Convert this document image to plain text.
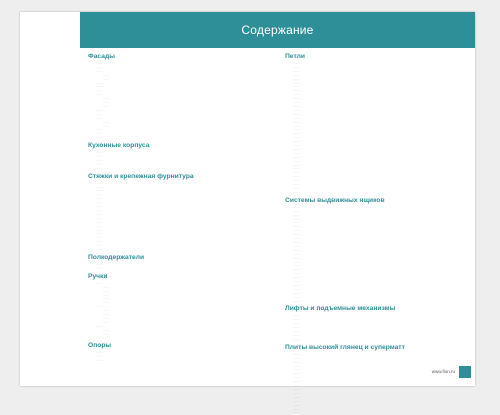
Содержание
Фасады
.......
.......
.......
.......
.......
.......
.......
.......
.......
.......
.......
.......
.......
.......
.......
.......
.......
.......
.......
.......
Кухонные корпуса
.......
.......
.......
.......
.......
Стяжки и крепежная фурнитура
.......
.......
.......
.......
.......
.......
.......
.......
.......
.......
.......
.......
.......
.......
.......
.......
.......
.......
Полкодержатели
.......
.......
Ручки
.......
.......
.......
.......
.......
.......
.......
.......
.......
.......
.......
.......
.......
.......
.......
Опоры
.......
.......
.......
Петли
.......
.......
.......
.......
.......
.......
.......
.......
.......
.......
.......
.......
.......
.......
.......
.......
.......
.......
.......
.......
.......
.......
.......
.......
.......
.......
.......
.......
.......
.......
.......
.......
.......
.......
Системы выдвижных ящиков
.......
.......
.......
.......
.......
.......
.......
.......
.......
.......
.......
.......
.......
.......
.......
.......
.......
.......
.......
.......
.......
.......
.......
.......
.......
Лифты и подъемные механизмы
.......
.......
.......
.......
.......
.......
.......
Плиты высокий глянец и суперматт
.......
.......
.......
.......
.......
.......
.......
.......
.......
.......
.......
.......
.......
.......
.......
.......
www.fion.ru
